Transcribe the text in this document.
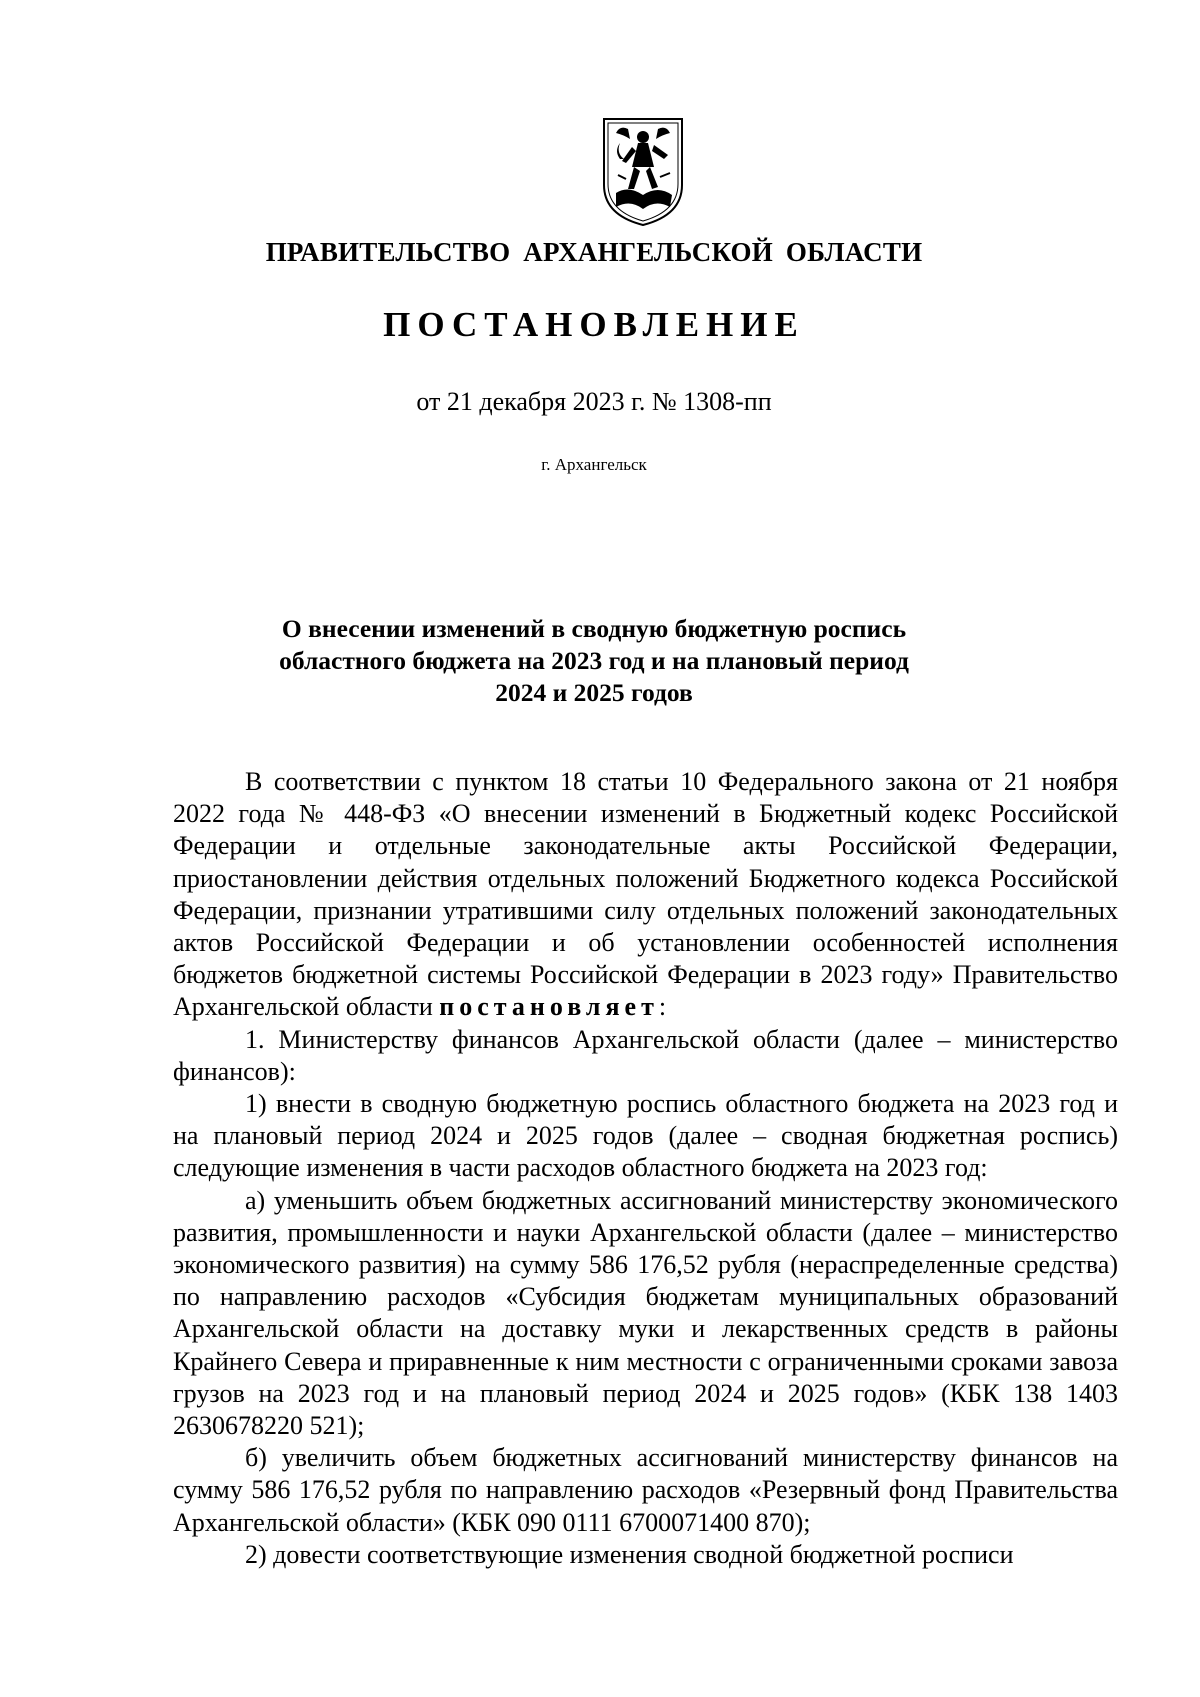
ПРАВИТЕЛЬСТВО АРХАНГЕЛЬСКОЙ ОБЛАСТИ
ПОСТАНОВЛЕНИЕ
от 21 декабря 2023 г. № 1308-пп
г. Архангельск
О внесении изменений в сводную бюджетную роспись
областного бюджета на 2023 год и на плановый период
2024 и 2025 годов

В соответствии с пунктом 18 статьи 10 Федерального закона от 21 ноября 2022 года № 448-ФЗ «О внесении изменений в Бюджетный кодекс Российской Федерации и отдельные законодательные акты Российской Федерации, приостановлении действия отдельных положений Бюджетного кодекса Российской Федерации, признании утратившими силу отдельных положений законодательных актов Российской Федерации и об установлении особенностей исполнения бюджетов бюджетной системы Российской Федерации в 2023 году» Правительство Архангельской области постановляет:

1. Министерству финансов Архангельской области (далее – министерство финансов):

1) внести в сводную бюджетную роспись областного бюджета на 2023 год и на плановый период 2024 и 2025 годов (далее – сводная бюджетная роспись) следующие изменения в части расходов областного бюджета на 2023 год:

а) уменьшить объем бюджетных ассигнований министерству экономического развития, промышленности и науки Архангельской области (далее – министерство экономического развития) на сумму 586 176,52 рубля (нераспределенные средства) по направлению расходов «Субсидия бюджетам муниципальных образований Архангельской области на доставку муки и лекарственных средств в районы Крайнего Севера и приравненные к ним местности с ограниченными сроками завоза грузов на 2023 год и на плановый период 2024 и 2025 годов» (КБК 138 1403 2630678220 521);

б) увеличить объем бюджетных ассигнований министерству финансов на сумму 586 176,52 рубля по направлению расходов «Резервный фонд Правительства Архангельской области» (КБК 090 0111 6700071400 870);

2) довести соответствующие изменения сводной бюджетной росписи
